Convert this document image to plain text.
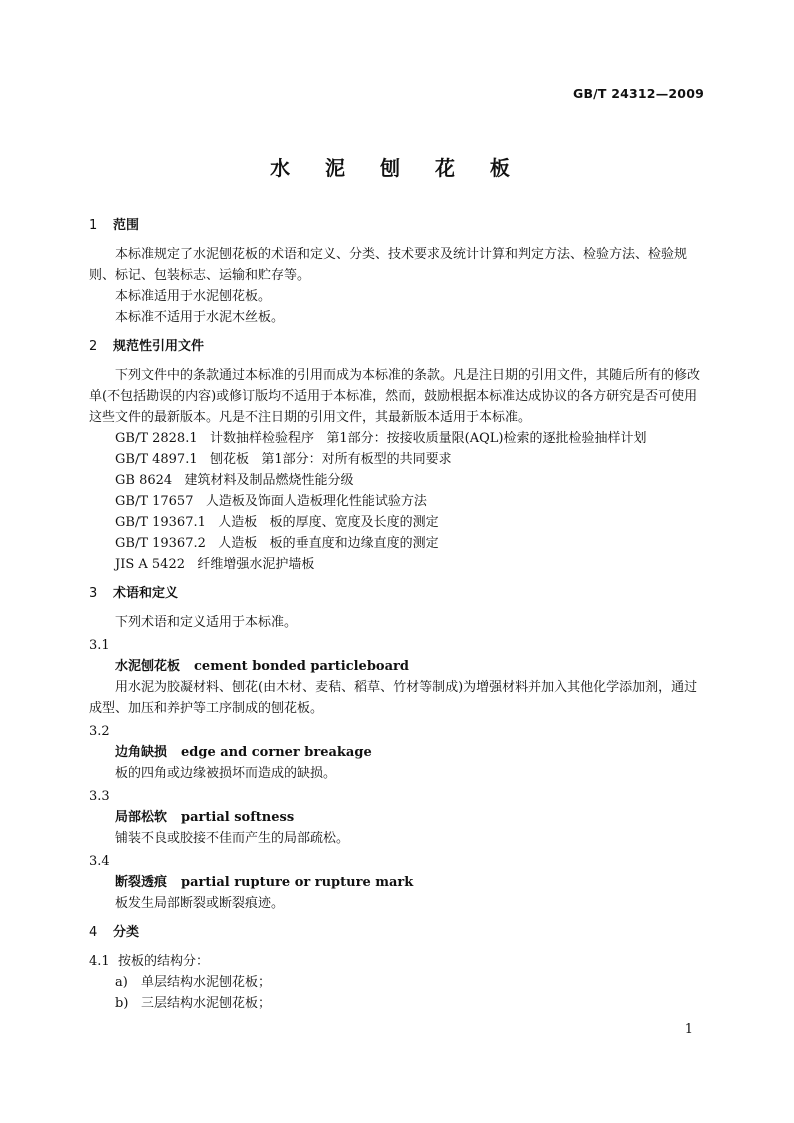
GB/T 24312—2009
水 泥 刨 花 板
1 范围

本标准规定了水泥刨花板的术语和定义、分类、技术要求及统计计算和判定方法、检验方法、检验规则、标记、包装标志、运输和贮存等。

本标准适用于水泥刨花板。

本标准不适用于水泥木丝板。

2 规范性引用文件

下列文件中的条款通过本标准的引用而成为本标准的条款。凡是注日期的引用文件，其随后所有的修改单(不包括勘误的内容)或修订版均不适用于本标准，然而，鼓励根据本标准达成协议的各方研究是否可使用这些文件的最新版本。凡是不注日期的引用文件，其最新版本适用于本标准。

GB/T 2828.1   计数抽样检验程序   第1部分：按接收质量限(AQL)检索的逐批检验抽样计划
GB/T 4897.1   刨花板   第1部分：对所有板型的共同要求
GB 8624   建筑材料及制品燃烧性能分级
GB/T 17657   人造板及饰面人造板理化性能试验方法
GB/T 19367.1   人造板   板的厚度、宽度及长度的测定
GB/T 19367.2   人造板   板的垂直度和边缘直度的测定
JIS A 5422   纤维增强水泥护墙板
3 术语和定义

下列术语和定义适用于本标准。

3.1
水泥刨花板 cement bonded particleboard

用水泥为胶凝材料、刨花(由木材、麦秸、稻草、竹材等制成)为增强材料并加入其他化学添加剂，通过成型、加压和养护等工序制成的刨花板。

3.2
边角缺损 edge and corner breakage
板的四角或边缘被损坏而造成的缺损。
3.3
局部松软 partial softness
铺装不良或胶接不佳而产生的局部疏松。
3.4
断裂透痕 partial rupture or rupture mark
板发生局部断裂或断裂痕迹。
4 分类
4.1 按板的结构分：
a) 单层结构水泥刨花板；
b) 三层结构水泥刨花板；
1
